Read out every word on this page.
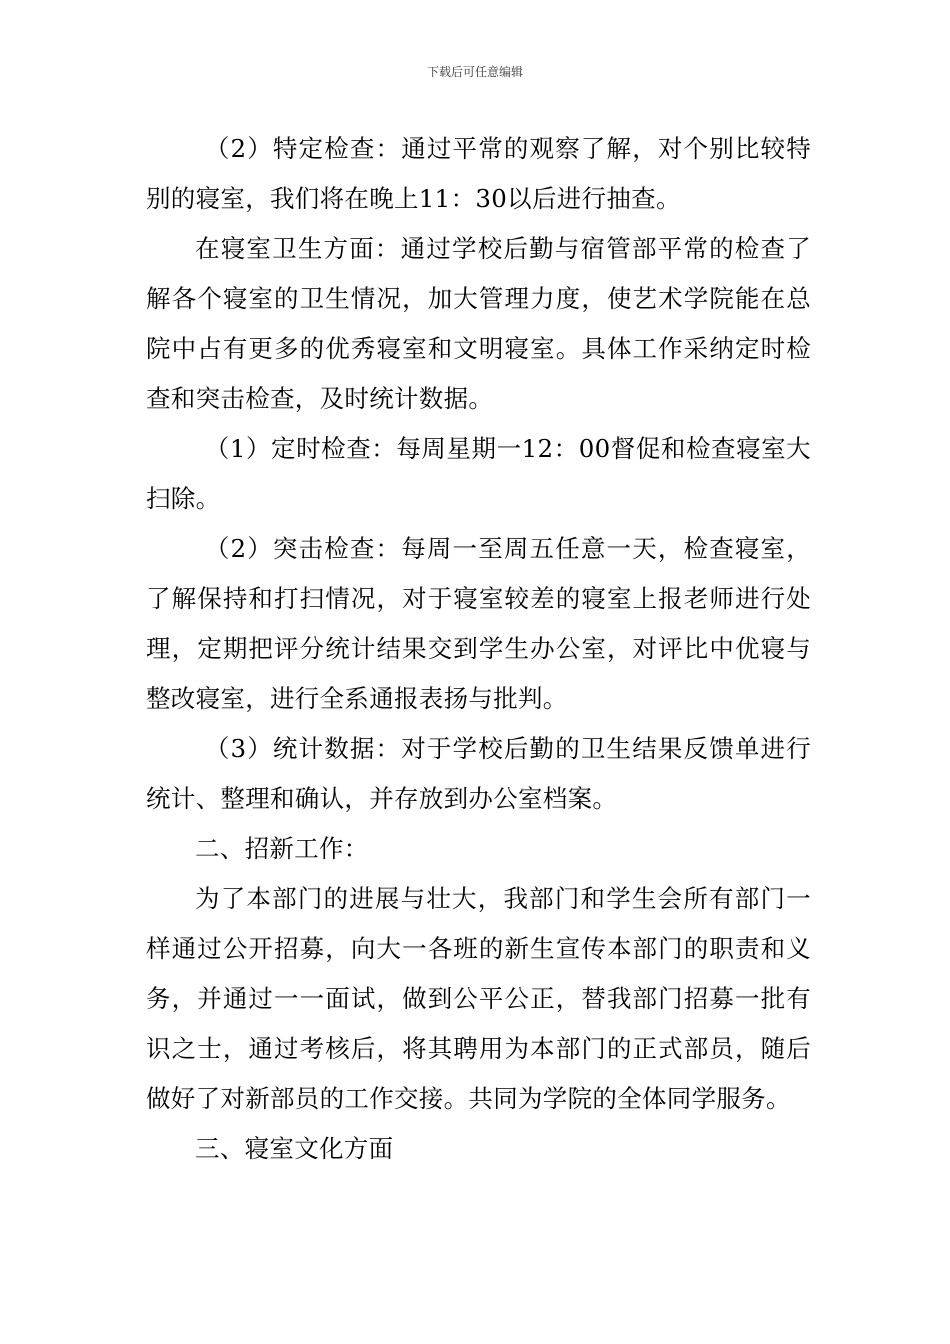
下载后可任意编辑

（2）特定检查：通过平常的观察了解，对个别比较特别的寝室，我们将在晚上11：30以后进行抽查。

在寝室卫生方面：通过学校后勤与宿管部平常的检查了解各个寝室的卫生情况，加大管理力度，使艺术学院能在总院中占有更多的优秀寝室和文明寝室。具体工作采纳定时检查和突击检查，及时统计数据。

（1）定时检查：每周星期一12：00督促和检查寝室大扫除。

（2）突击检查：每周一至周五任意一天，检查寝室，了解保持和打扫情况，对于寝室较差的寝室上报老师进行处理，定期把评分统计结果交到学生办公室，对评比中优寝与整改寝室，进行全系通报表扬与批判。

（3）统计数据：对于学校后勤的卫生结果反馈单进行统计、整理和确认，并存放到办公室档案。

二、招新工作：

为了本部门的进展与壮大，我部门和学生会所有部门一样通过公开招募，向大一各班的新生宣传本部门的职责和义务，并通过一一面试，做到公平公正，替我部门招募一批有识之士，通过考核后，将其聘用为本部门的正式部员，随后做好了对新部员的工作交接。共同为学院的全体同学服务。

三、寝室文化方面
